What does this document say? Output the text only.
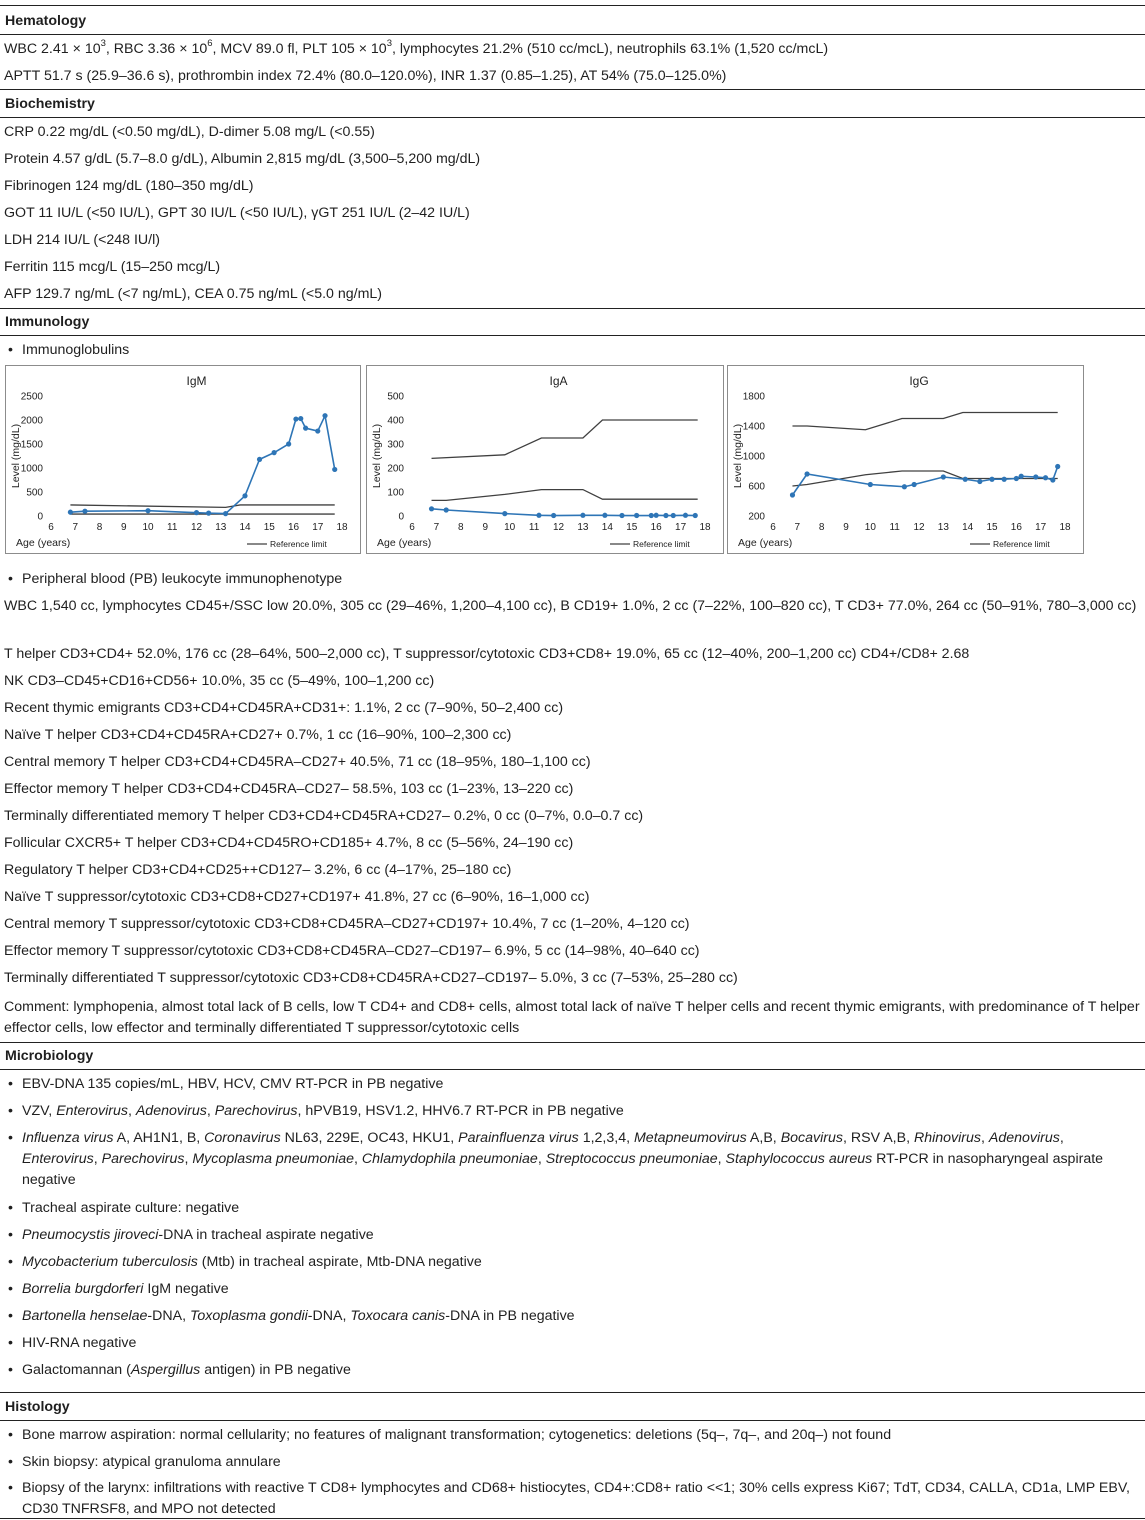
Hematology
WBC $2.41 \times 10^3$, RBC $3.36 \times 10^6$, MCV 89.0 fl, PLT $105 \times 10^3$, lymphocytes 21.2% (510 cc/mcL), neutrophils 63.1% (1,520 cc/mcL)
APTT 51.7 s (25.9–36.6 s), prothrombin index 72.4% (80.0–120.0%), INR 1.37 (0.85–1.25), AT 54% (75.0–125.0%)
Biochemistry
CRP 0.22 mg/dL (<0.50 mg/dL), D-dimer 5.08 mg/L (<0.55)
Protein 4.57 g/dL (5.7–8.0 g/dL), Albumin 2,815 mg/dL (3,500–5,200 mg/dL)
Fibrinogen 124 mg/dL (180–350 mg/dL)
GOT 11 IU/L (<50 IU/L), GPT 30 IU/L (<50 IU/L), γGT 251 IU/L (2–42 IU/L)
LDH 214 IU/L (<248 IU/l)
Ferritin 115 mcg/L (15–250 mcg/L)
AFP 129.7 ng/mL (<7 ng/mL), CEA 0.75 ng/mL (<5.0 ng/mL)
Immunology
• Immunoglobulins
IgM
0
500
1000
1500
2000
2500
6 7 8 9 10 11 12 13 14 15 16 17 18
Age (years)
Level (mg/dL)
Reference limit
IgA
0
100
200
300
400
500
6 7 8 9 10 11 12 13 14 15 16 17 18
Age (years)
Level (mg/dL)
Reference limit
IgG
200
600
1000
1400
1800
6 7 8 9 10 11 12 13 14 15 16 17 18
Age (years)
Level (mg/dL)
Reference limit
• Peripheral blood (PB) leukocyte immunophenotype
WBC 1,540 cc, lymphocytes CD45+/SSC low 20.0%, 305 cc (29–46%, 1,200–4,100 cc), B CD19+ 1.0%, 2 cc (7–22%, 100–820 cc), T CD3+ 77.0%, 264 cc (50–91%, 780–3,000 cc)
T helper CD3+CD4+ 52.0%, 176 cc (28–64%, 500–2,000 cc), T suppressor/cytotoxic CD3+CD8+ 19.0%, 65 cc (12–40%, 200–1,200 cc) CD4+/CD8+ 2.68
NK CD3–CD45+CD16+CD56+ 10.0%, 35 cc (5–49%, 100–1,200 cc)
Recent thymic emigrants CD3+CD4+CD45RA+CD31+: 1.1%, 2 cc (7–90%, 50–2,400 cc)
Naïve T helper CD3+CD4+CD45RA+CD27+ 0.7%, 1 cc (16–90%, 100–2,300 cc)
Central memory T helper CD3+CD4+CD45RA–CD27+ 40.5%, 71 cc (18–95%, 180–1,100 cc)
Effector memory T helper CD3+CD4+CD45RA–CD27– 58.5%, 103 cc (1–23%, 13–220 cc)
Terminally differentiated memory T helper CD3+CD4+CD45RA+CD27– 0.2%, 0 cc (0–7%, 0.0–0.7 cc)
Follicular CXCR5+ T helper CD3+CD4+CD45RO+CD185+ 4.7%, 8 cc (5–56%, 24–190 cc)
Regulatory T helper CD3+CD4+CD25++CD127– 3.2%, 6 cc (4–17%, 25–180 cc)
Naïve T suppressor/cytotoxic CD3+CD8+CD27+CD197+ 41.8%, 27 cc (6–90%, 16–1,000 cc)
Central memory T suppressor/cytotoxic CD3+CD8+CD45RA–CD27+CD197+ 10.4%, 7 cc (1–20%, 4–120 cc)
Effector memory T suppressor/cytotoxic CD3+CD8+CD45RA–CD27–CD197– 6.9%, 5 cc (14–98%, 40–640 cc)
Terminally differentiated T suppressor/cytotoxic CD3+CD8+CD45RA+CD27–CD197– 5.0%, 3 cc (7–53%, 25–280 cc)
Comment: lymphopenia, almost total lack of B cells, low T CD4+ and CD8+ cells, almost total lack of naïve T helper cells and recent thymic emigrants, with predominance of T helper effector cells, low effector and terminally differentiated T suppressor/cytotoxic cells
Microbiology
• EBV-DNA 135 copies/mL, HBV, HCV, CMV RT-PCR in PB negative
• VZV, Enterovirus, Adenovirus, Parechovirus, hPVB19, HSV1.2, HHV6.7 RT-PCR in PB negative
• Influenza virus A, AH1N1, B, Coronavirus NL63, 229E, OC43, HKU1, Parainfluenza virus 1,2,3,4, Metapneumovirus A,B, Bocavirus, RSV A,B, Rhinovirus, Adenovirus, Enterovirus, Parechovirus, Mycoplasma pneumoniae, Chlamydophila pneumoniae, Streptococcus pneumoniae, Staphylococcus aureus RT-PCR in nasopharyngeal aspirate negative
• Tracheal aspirate culture: negative
• Pneumocystis jiroveci-DNA in tracheal aspirate negative
• Mycobacterium tuberculosis (Mtb) in tracheal aspirate, Mtb-DNA negative
• Borrelia burgdorferi IgM negative
• Bartonella henselae-DNA, Toxoplasma gondii-DNA, Toxocara canis-DNA in PB negative
• HIV-RNA negative
• Galactomannan (Aspergillus antigen) in PB negative
Histology
• Bone marrow aspiration: normal cellularity; no features of malignant transformation; cytogenetics: deletions (5q–, 7q–, and 20q–) not found
• Skin biopsy: atypical granuloma annulare
• Biopsy of the larynx: infiltrations with reactive T CD8+ lymphocytes and CD68+ histiocytes, CD4+:CD8+ ratio <<1; 30% cells express Ki67; TdT, CD34, CALLA, CD1a, LMP EBV, CD30 TNFRSF8, and MPO not detected
